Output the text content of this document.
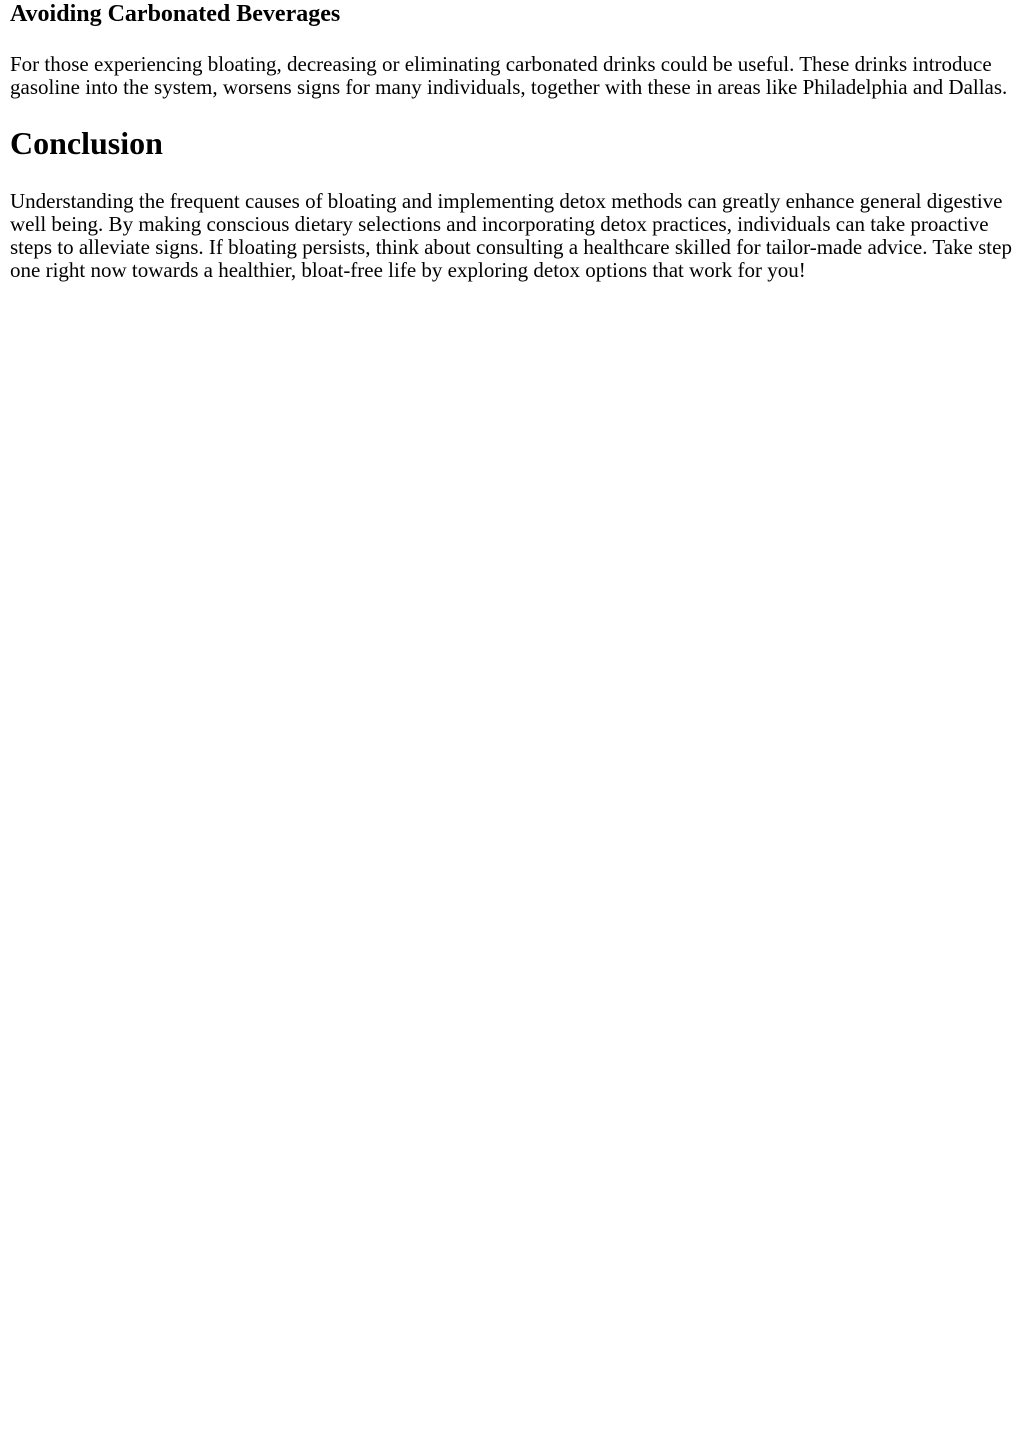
Avoiding Carbonated Beverages

For those experiencing bloating, decreasing or eliminating carbonated drinks could be useful. These drinks introduce gasoline into the system, worsens signs for many individuals, together with these in areas like Philadelphia and Dallas.

Conclusion

Understanding the frequent causes of bloating and implementing detox methods can greatly enhance general digestive well being. By making conscious dietary selections and incorporating detox practices, individuals can take proactive steps to alleviate signs. If bloating persists, think about consulting a healthcare skilled for tailor-made advice. Take step one right now towards a healthier, bloat-free life by exploring detox options that work for you!
